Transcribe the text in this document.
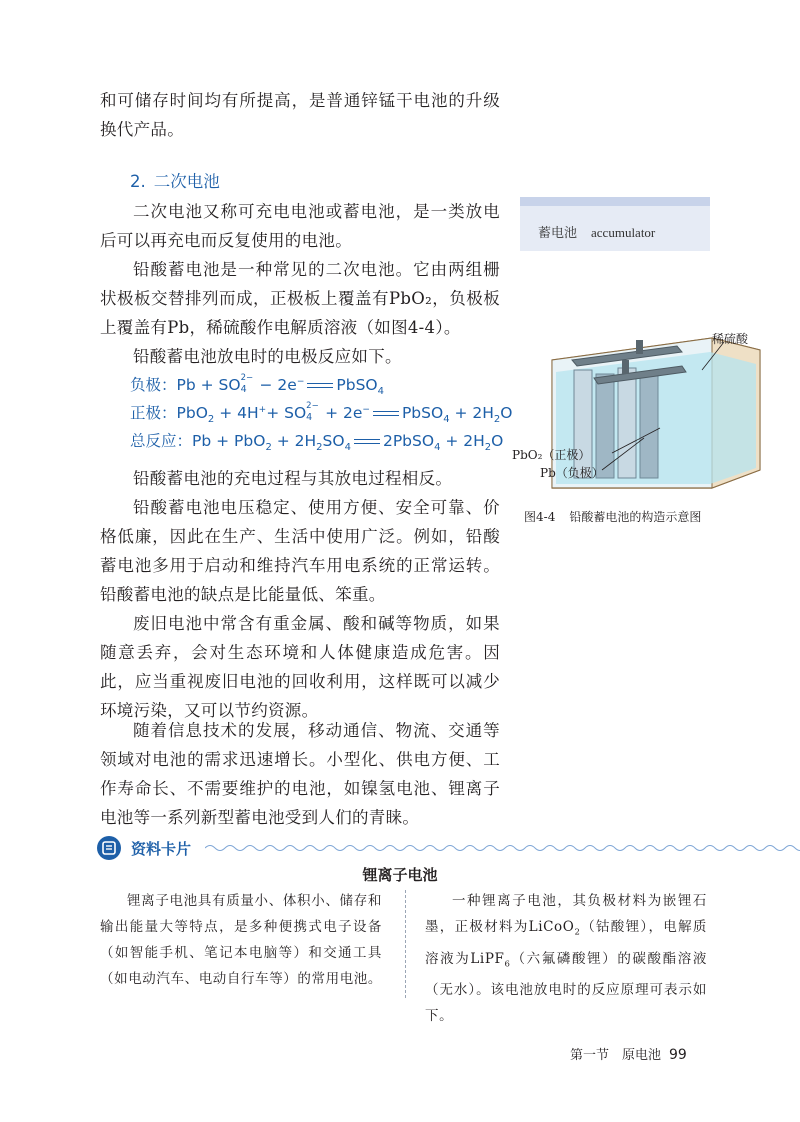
和可储存时间均有所提高，是普通锌锰干电池的升级换代产品。

2. 二次电池

二次电池又称可充电电池或蓄电池，是一类放电后可以再充电而反复使用的电池。

铅酸蓄电池是一种常见的二次电池。它由两组栅状极板交替排列而成，正极板上覆盖有PbO₂，负极板上覆盖有Pb，稀硫酸作电解质溶液（如图4-4）。

铅酸蓄电池放电时的电极反应如下。

负极：Pb + SO 2−
4 − 2e− PbSO$_4$
正极：PbO$_2$ + 4H++ SO 2−
4 + 2e− PbSO$_4$ + $2H_2O$
总反应：$Pb + PbO_2 + 2H_2SO_4$ 2PbSO$_4$ + $2H_2O$

铅酸蓄电池的充电过程与其放电过程相反。

铅酸蓄电池电压稳定、使用方便、安全可靠、价格低廉，因此在生产、生活中使用广泛。例如，铅酸蓄电池多用于启动和维持汽车用电系统的正常运转。铅酸蓄电池的缺点是比能量低、笨重。

废旧电池中常含有重金属、酸和碱等物质，如果随意丢弃，会对生态环境和人体健康造成危害。因此，应当重视废旧电池的回收利用，这样既可以减少环境污染，又可以节约资源。

随着信息技术的发展，移动通信、物流、交通等领域对电池的需求迅速增长。小型化、供电方便、工作寿命长、不需要维护的电池，如镍氢电池、锂离子电池等一系列新型蓄电池受到人们的青睐。

蓄电池 accumulator
稀硫酸
PbO₂（正极）
Pb（负极）
图4-4 铅酸蓄电池的构造示意图
资料卡片
锂离子电池

锂离子电池具有质量小、体积小、储存和输出能量大等特点，是多种便携式电子设备（如智能手机、笔记本电脑等）和交通工具（如电动汽车、电动自行车等）的常用电池。

一种锂离子电池，其负极材料为嵌锂石墨，正极材料为LiCoO$_2$（钴酸锂），电解质溶液为LiPF$_6$（六氟磷酸锂）的碳酸酯溶液（无水）。该电池放电时的反应原理可表示如下。

第一节　原电池 99
